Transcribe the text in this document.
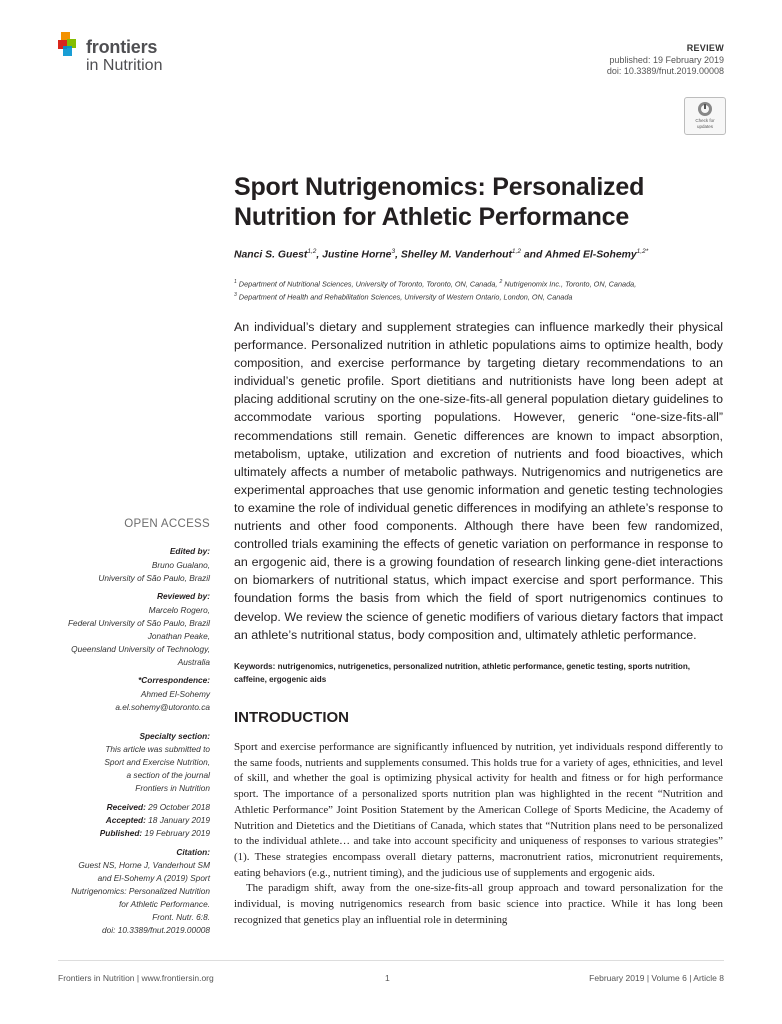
frontiers
in Nutrition
REVIEW
published: 19 February 2019
doi: 10.3389/fnut.2019.00008
Check for
updates
Sport Nutrigenomics: Personalized
Nutrition for Athletic Performance
Nanci S. Guest$^{1,2}$, Justine Horne$^3$, Shelley M. Vanderhout$^{1,2}$ and Ahmed El-Sohemy$^{1,2*}$
$^1$ Department of Nutritional Sciences, University of Toronto, Toronto, ON, Canada, $^2$ Nutrigenomix Inc., Toronto, ON, Canada,
$^3$ Department of Health and Rehabilitation Sciences, University of Western Ontario, London, ON, Canada
An individual’s dietary and supplement strategies can influence markedly their physical performance. Personalized nutrition in athletic populations aims to optimize health, body composition, and exercise performance by targeting dietary recommendations to an individual’s genetic profile. Sport dietitians and nutritionists have long been adept at placing additional scrutiny on the one-size-fits-all general population dietary guidelines to accommodate various sporting populations. However, generic “one-size-fits-all” recommendations still remain. Genetic differences are known to impact absorption, metabolism, uptake, utilization and excretion of nutrients and food bioactives, which ultimately affects a number of metabolic pathways. Nutrigenomics and nutrigenetics are experimental approaches that use genomic information and genetic testing technologies to examine the role of individual genetic differences in modifying an athlete’s response to nutrients and other food components. Although there have been few randomized, controlled trials examining the effects of genetic variation on performance in response to an ergogenic aid, there is a growing foundation of research linking gene-diet interactions on biomarkers of nutritional status, which impact exercise and sport performance. This foundation forms the basis from which the field of sport nutrigenomics continues to develop. We review the science of genetic modifiers of various dietary factors that impact an athlete’s nutritional status, body composition and, ultimately athletic performance.
Keywords: nutrigenomics, nutrigenetics, personalized nutrition, athletic performance, genetic testing, sports nutrition, caffeine, ergogenic aids
OPEN ACCESS
Edited by:
Bruno Gualano,
University of São Paulo, Brazil
Reviewed by:
Marcelo Rogero,
Federal University of São Paulo, Brazil
Jonathan Peake,
Queensland University of Technology,
Australia
*Correspondence:
Ahmed El-Sohemy
a.el.sohemy@utoronto.ca
Specialty section:
This article was submitted to
Sport and Exercise Nutrition,
a section of the journal
Frontiers in Nutrition
Received: 29 October 2018
Accepted: 18 January 2019
Published: 19 February 2019
Citation:
Guest NS, Horne J, Vanderhout SM
and El-Sohemy A (2019) Sport
Nutrigenomics: Personalized Nutrition
for Athletic Performance.
Front. Nutr. 6:8.
doi: 10.3389/fnut.2019.00008
INTRODUCTION

Sport and exercise performance are significantly influenced by nutrition, yet individuals respond differently to the same foods, nutrients and supplements consumed. This holds true for a variety of ages, ethnicities, and level of skill, and whether the goal is optimizing physical activity for health and fitness or for high performance sport. The importance of a personalized sports nutrition plan was highlighted in the recent “Nutrition and Athletic Performance” Joint Position Statement by the American College of Sports Medicine, the Academy of Nutrition and Dietetics and the Dietitians of Canada, which states that “Nutrition plans need to be personalized to the individual athlete… and take into account specificity and uniqueness of responses to various strategies” (1). These strategies encompass overall dietary patterns, macronutrient ratios, micronutrient requirements, eating behaviors (e.g., nutrient timing), and the judicious use of supplements and ergogenic aids.

The paradigm shift, away from the one-size-fits-all group approach and toward personalization for the individual, is moving nutrigenomics research from basic science into practice. While it has long been recognized that genetics play an influential role in determining

Frontiers in Nutrition | www.frontiersin.org	1	February 2019 | Volume 6 | Article 8
